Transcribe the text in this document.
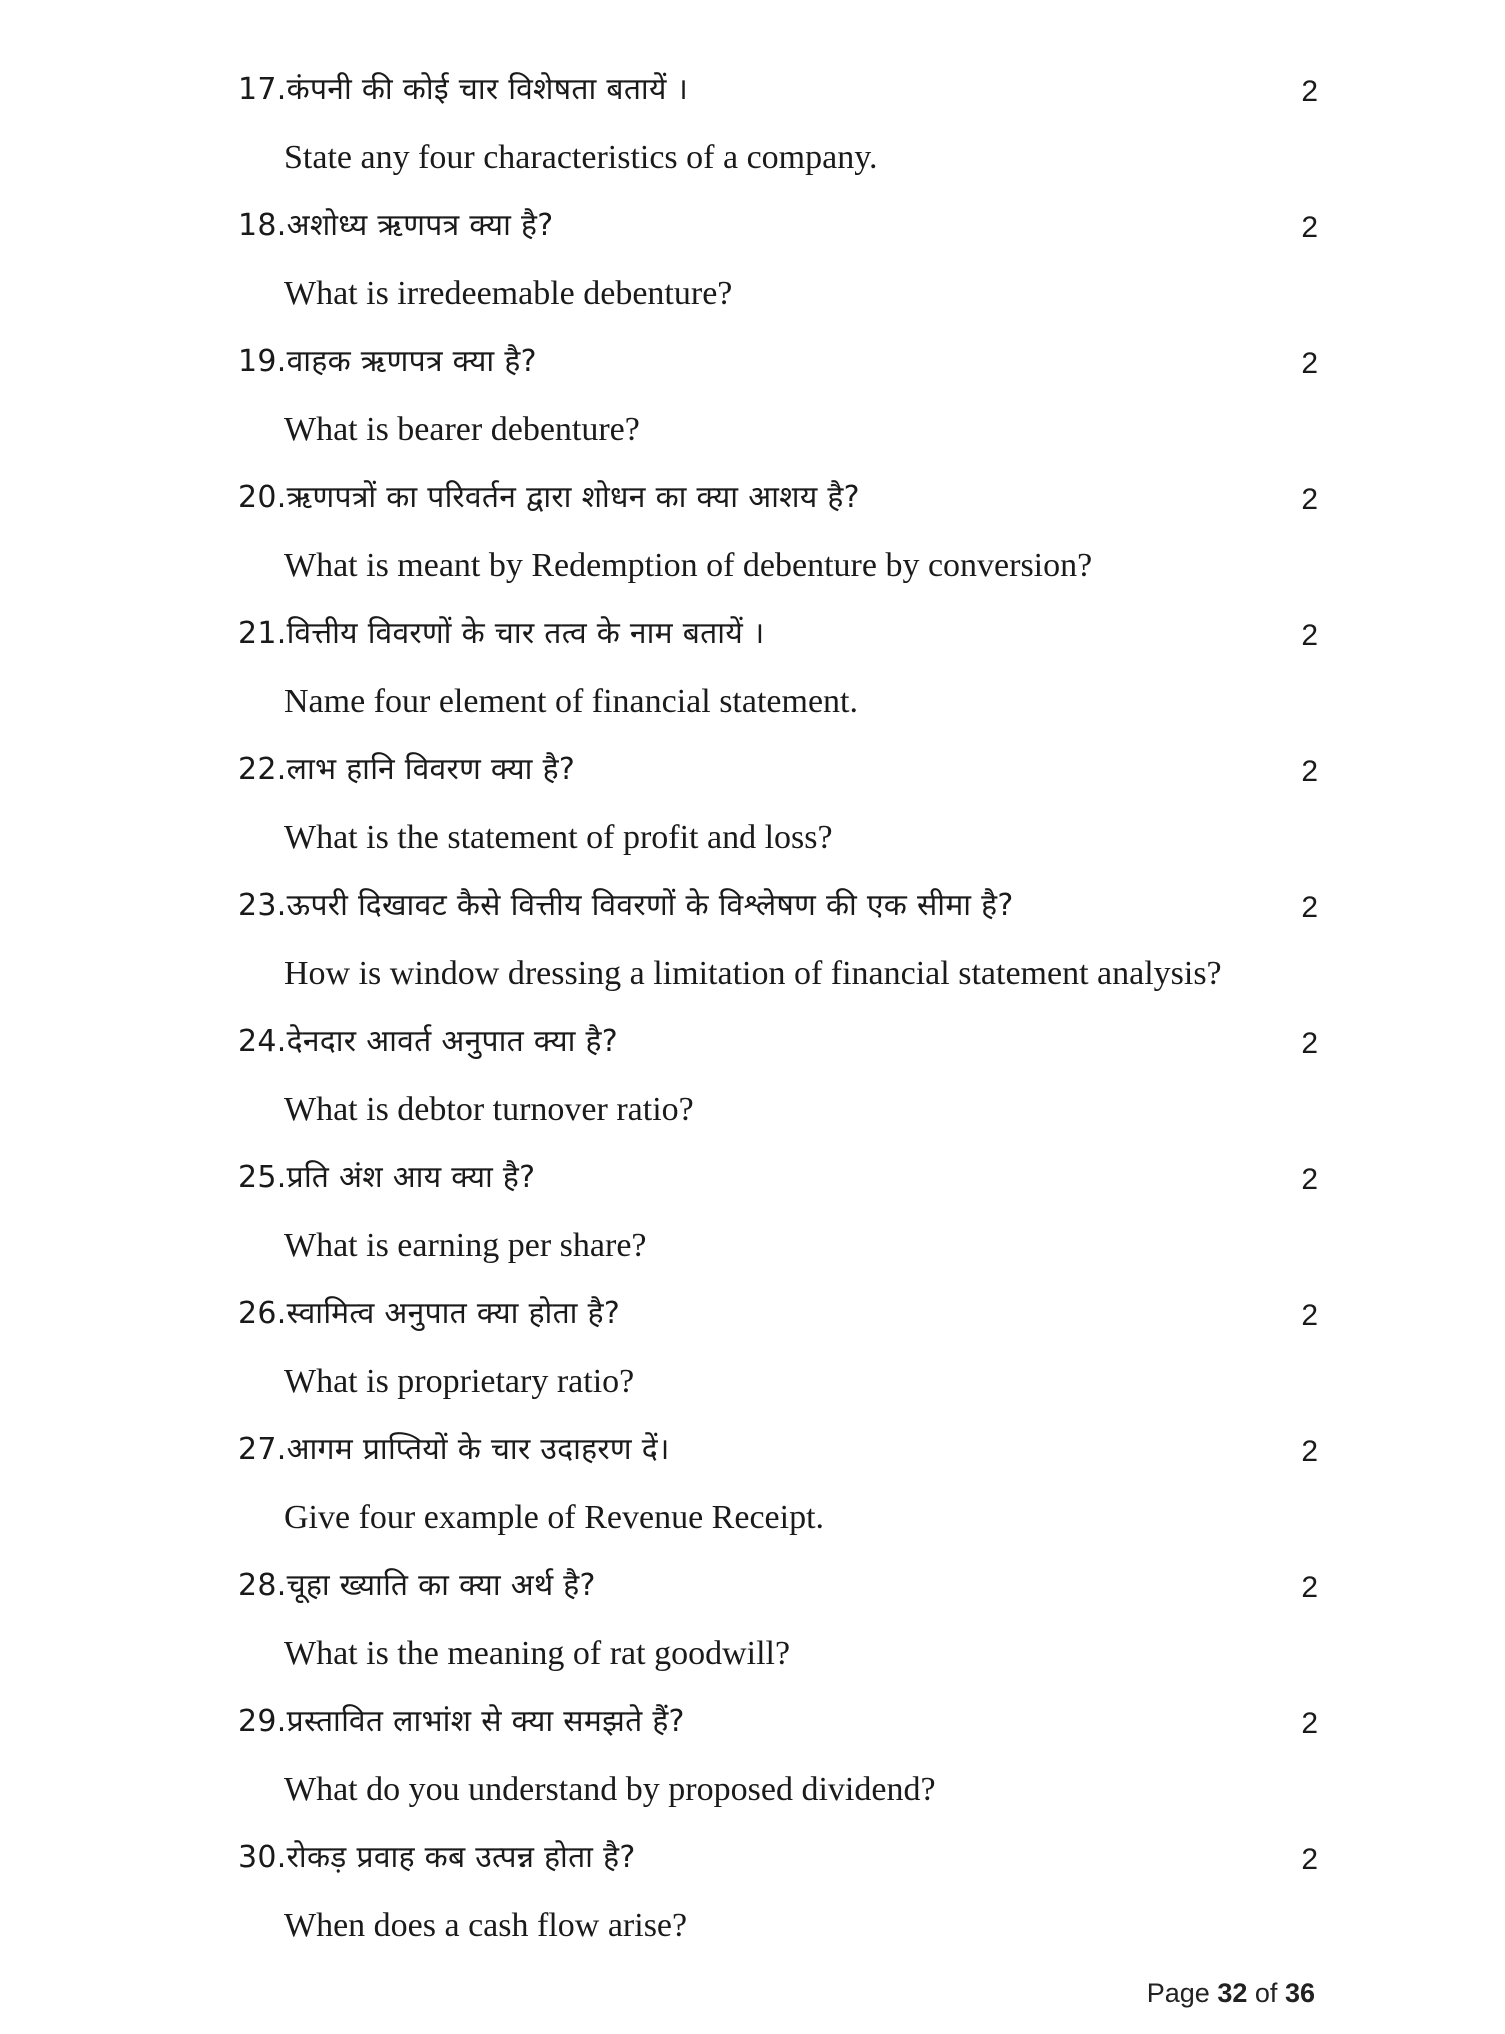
17.कंपनी की कोई चार विशेषता बतायें ।	2
State any four characteristics of a company.
18.अशोध्य ऋणपत्र क्या है?	2
What is irredeemable debenture?
19.वाहक ऋणपत्र क्या है?	2
What is bearer debenture?
20.ऋणपत्रों का परिवर्तन द्वारा शोधन का क्या आशय है?	2
What is meant by Redemption of debenture by conversion?
21.वित्तीय विवरणों के चार तत्व के नाम बतायें ।	2
Name four element of financial statement.
22.लाभ हानि विवरण क्या है?	2
What is the statement of profit and loss?
23.ऊपरी दिखावट कैसे वित्तीय विवरणों के विश्लेषण की एक सीमा है?	2
How is window dressing a limitation of financial statement analysis?
24.देनदार आवर्त अनुपात क्या है?	2
What is debtor turnover ratio?
25.प्रति अंश आय क्या है?	2
What is earning per share?
26.स्वामित्व अनुपात क्या होता है?	2
What is proprietary ratio?
27.आगम प्राप्तियों के चार उदाहरण दें।	2
Give four example of Revenue Receipt.
28.चूहा ख्याति का क्या अर्थ है?	2
What is the meaning of rat goodwill?
29.प्रस्तावित लाभांश से क्या समझते हैं?	2
What do you understand by proposed dividend?
30.रोकड़ प्रवाह कब उत्पन्न होता है?	2
When does a cash flow arise?
Page 32 of 36
